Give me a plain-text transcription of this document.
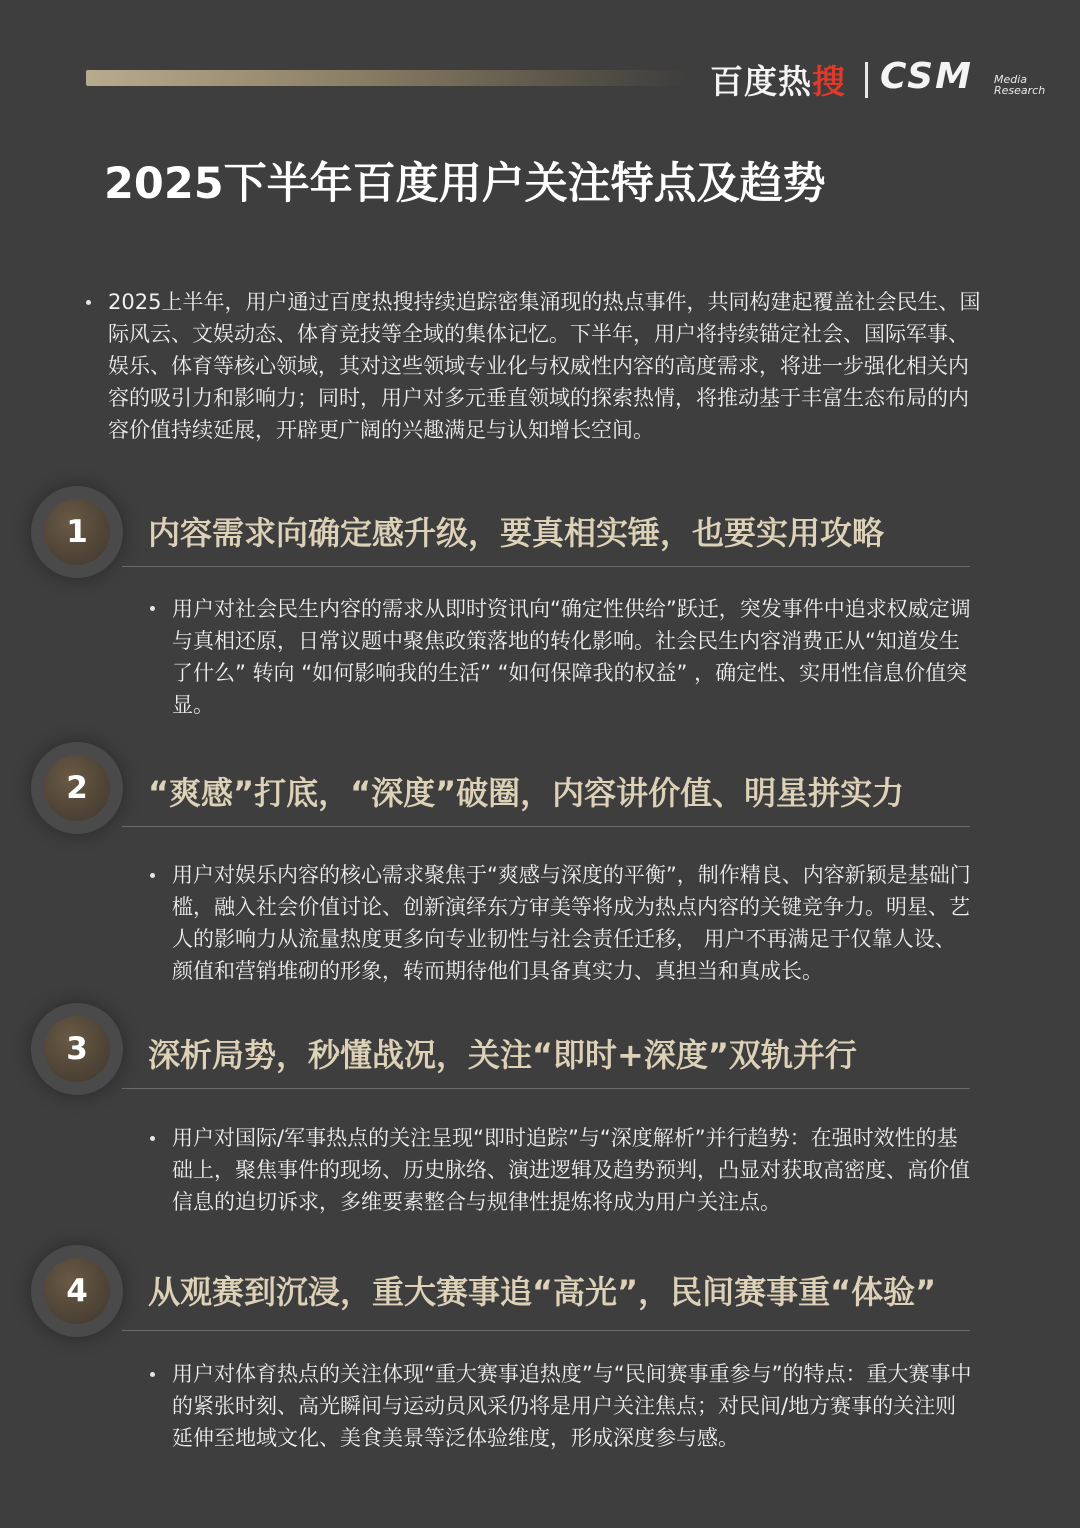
百度热搜 CSM Media
Research
2025下半年百度用户关注特点及趋势
2025上半年，用户通过百度热搜持续追踪密集涌现的热点事件，共同构建起覆盖社会民生、国际风云、文娱动态、体育竞技等全域的集体记忆。下半年，用户将持续锚定社会、国际军事、娱乐、体育等核心领域，其对这些领域专业化与权威性内容的高度需求，将进一步强化相关内容的吸引力和影响力；同时，用户对多元垂直领域的探索热情，将推动基于丰富生态布局的内容价值持续延展，开辟更广阔的兴趣满足与认知增长空间。
1	内容需求向确定感升级，要真相实锤，也要实用攻略
用户对社会民生内容的需求从即时资讯向“确定性供给”跃迁，突发事件中追求权威定调与真相还原，日常议题中聚焦政策落地的转化影响。社会民生内容消费正从“知道发生了什么” 转向 “如何影响我的生活” “如何保障我的权益” ，确定性、实用性信息价值突显。
2	“爽感”打底，“深度”破圈，内容讲价值、明星拼实力
用户对娱乐内容的核心需求聚焦于“爽感与深度的平衡”，制作精良、内容新颖是基础门槛，融入社会价值讨论、创新演绎东方审美等将成为热点内容的关键竞争力。明星、艺人的影响力从流量热度更多向专业韧性与社会责任迁移， 用户不再满足于仅靠人设、颜值和营销堆砌的形象，转而期待他们具备真实力、真担当和真成长。
3	深析局势，秒懂战况，关注“即时+深度”双轨并行
用户对国际/军事热点的关注呈现“即时追踪”与“深度解析”并行趋势：在强时效性的基础上，聚焦事件的现场、历史脉络、演进逻辑及趋势预判，凸显对获取高密度、高价值信息的迫切诉求，多维要素整合与规律性提炼将成为用户关注点。
4	从观赛到沉浸，重大赛事追“高光”，民间赛事重“体验”
用户对体育热点的关注体现“重大赛事追热度”与“民间赛事重参与”的特点：重大赛事中的紧张时刻、高光瞬间与运动员风采仍将是用户关注焦点；对民间/地方赛事的关注则延伸至地域文化、美食美景等泛体验维度，形成深度参与感。
